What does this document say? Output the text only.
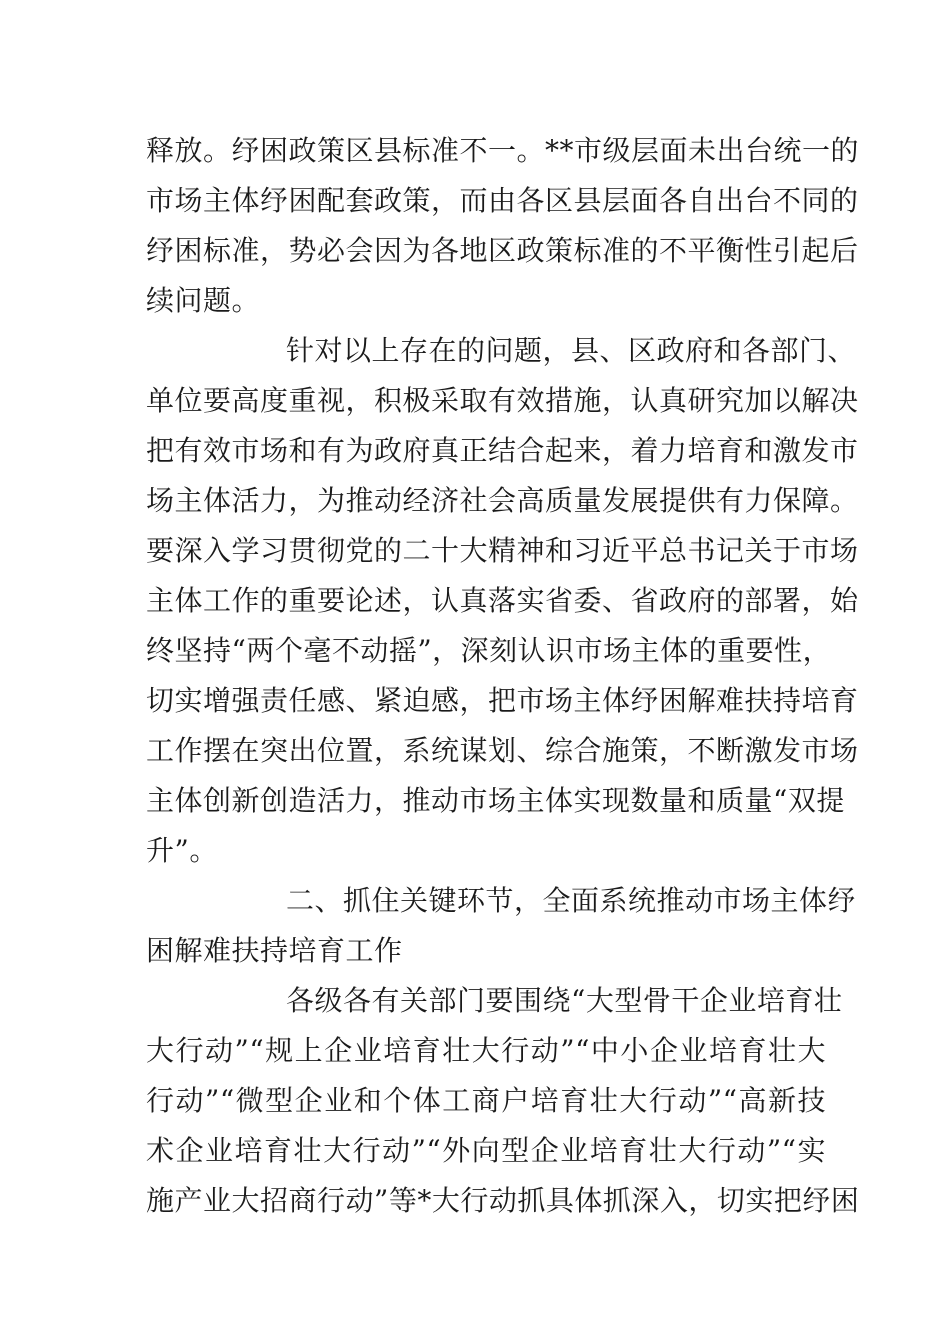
释放。纾困政策区县标准不一。**市级层面未出台统一的
市场主体纾困配套政策，而由各区县层面各自出台不同的
纾困标准，势必会因为各地区政策标准的不平衡性引起后
续问题。
针对以上存在的问题，县、区政府和各部门、
单位要高度重视，积极采取有效措施，认真研究加以解决
把有效市场和有为政府真正结合起来，着力培育和激发市
场主体活力，为推动经济社会高质量发展提供有力保障。
要深入学习贯彻党的二十大精神和习近平总书记关于市场
主体工作的重要论述，认真落实省委、省政府的部署，始
终坚持“两个毫不动摇”，深刻认识市场主体的重要性，
切实增强责任感、紧迫感，把市场主体纾困解难扶持培育
工作摆在突出位置，系统谋划、综合施策，不断激发市场
主体创新创造活力，推动市场主体实现数量和质量“双提
升”。
二、抓住关键环节，全面系统推动市场主体纾
困解难扶持培育工作
各级各有关部门要围绕“大型骨干企业培育壮
大行动”“规上企业培育壮大行动”“中小企业培育壮大
行动”“微型企业和个体工商户培育壮大行动”“高新技
术企业培育壮大行动”“外向型企业培育壮大行动”“实
施产业大招商行动”等*大行动抓具体抓深入，切实把纾困
